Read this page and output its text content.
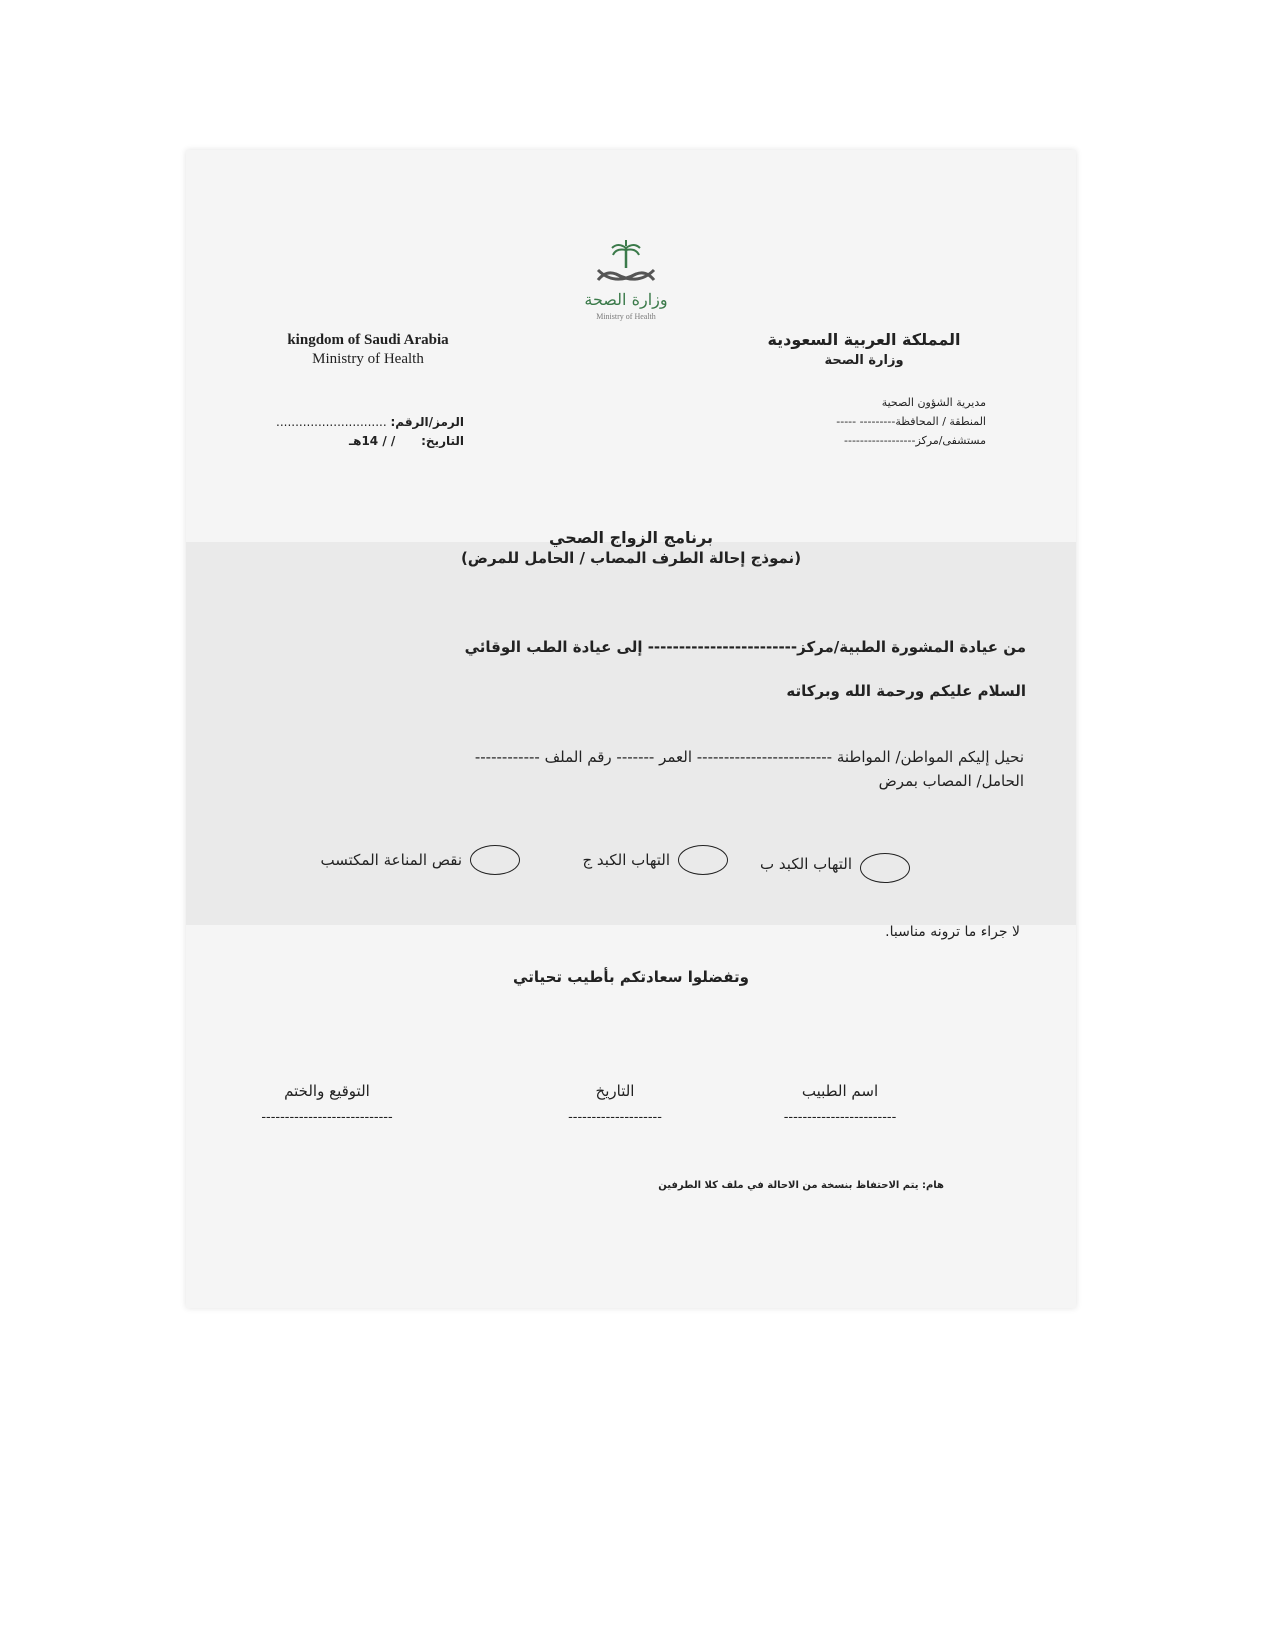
وزارة الصحة
Ministry of Health
kingdom of Saudi Arabia
Ministry of Health
المملكة العربية السعودية
وزارة الصحة
مديرية الشؤون الصحية
المنطقة / المحافظة--------- -----
مستشفى/مركز------------------
الرمز/الرقم: .............................
التاريخ: / / 14هـ
برنامج الزواج الصحي
(نموذج إحالة الطرف المصاب / الحامل للمرض)
من عيادة المشورة الطبية/مركز------------------------ إلى عيادة الطب الوقائي
السلام عليكم ورحمة الله وبركاته
نحيل إليكم المواطن/ المواطنة ------------------------- العمر ------- رقم الملف ------------
الحامل/ المصاب بمرض
التهاب الكبد ب
التهاب الكبد ج
نقص المناعة المكتسب
لا جراء ما ترونه مناسبا.
وتفضلوا سعادتكم بأطيب تحياتي
اسم الطبيب
------------------------
التاريخ
--------------------
التوقيع والختم
----------------------------
هام: يتم الاحتفاظ بنسخة من الاحالة في ملف كلا الطرفين
